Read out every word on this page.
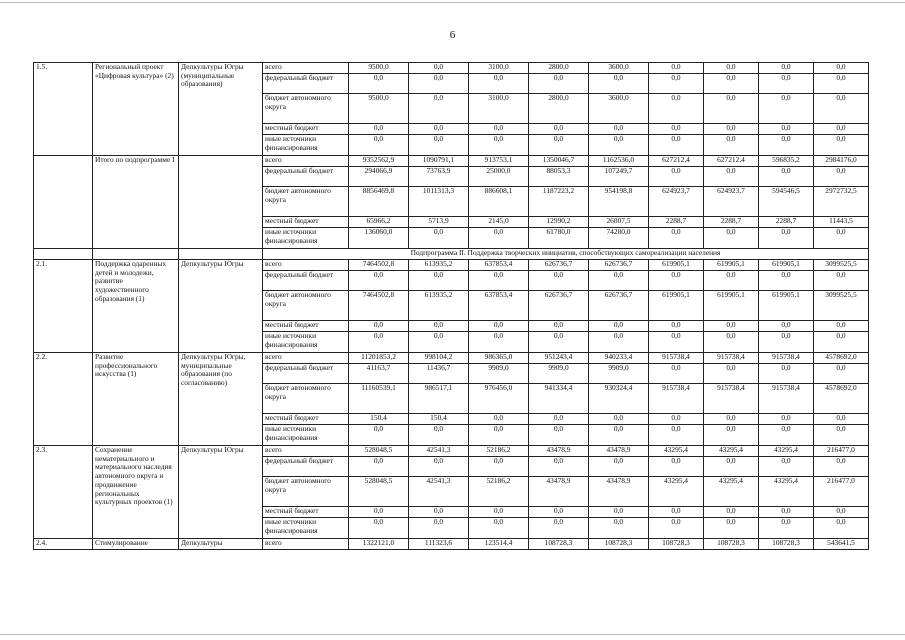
6
1.5.	Региональный проект «Цифровая культура» (2)	Депкультуры Югры (муниципальные образования)	всего	9500,0	0,0	3100,0	2800,0	3600,0	0,0	0,0	0,0	0,0
			федеральный бюджет	0,0	0,0	0,0	0,0	0,0	0,0	0,0	0,0	0,0
			бюджет автономного округа	9500,0	0,0	3100,0	2800,0	3600,0	0,0	0,0	0,0	0,0
			местный бюджет	0,0	0,0	0,0	0,0	0,0	0,0	0,0	0,0	0,0
			иные источники финансирования	0,0	0,0	0,0	0,0	0,0	0,0	0,0	0,0	0,0
	Итого по подпрограмме I		всего	9352562,9	1090791,1	913753,1	1350046,7	1162536,0	627212,4	627212,4	596835,2	2984176,0
			федеральный бюджет	294066,9	73763,9	25000,0	88053,3	107249,7	0,0	0,0	0,0	0,0
			бюджет автономного округа	8856469,8	1011313,3	886608,1	1187223,2	954198,8	624923,7	624923,7	594546,5	2972732,5
			местный бюджет	65966,2	5713,9	2145,0	12990,2	26807,5	2288,7	2288,7	2288,7	11443,5
			иные источники финансирования	136060,0	0,0	0,0	61780,0	74280,0	0,0	0,0	0,0	0,0
			Подпрограмма II. Поддержка творческих инициатив, способствующих самореализации населения									
2.1.	Поддержка одаренных детей и молодежи, развитие художественного образования (1)	Депкультуры Югры	всего	7464502,8	613935,2	637853,4	626736,7	626736,7	619905,1	619905,1	619905,1	3099525,5
			федеральный бюджет	0,0	0,0	0,0	0,0	0,0	0,0	0,0	0,0	0,0
			бюджет автономного округа	7464502,8	613935,2	637853,4	626736,7	626736,7	619905,1	619905,1	619905,1	3099525,5
			местный бюджет	0,0	0,0	0,0	0,0	0,0	0,0	0,0	0,0	0,0
			иные источники финансирования	0,0	0,0	0,0	0,0	0,0	0,0	0,0	0,0	0,0
2.2.	Развитие профессионального искусства (1)	Депкультуры Югры, муниципальные образования (по согласованию)	всего	11201853,2	998104,2	986365,0	951243,4	940233,4	915738,4	915738,4	915738,4	4578692,0
			федеральный бюджет	41163,7	11436,7	9909,0	9909,0	9909,0	0,0	0,0	0,0	0,0
			бюджет автономного округа	11160539,1	986517,1	976456,0	941334,4	930324,4	915738,4	915738,4	915738,4	4578692,0
			местный бюджет	150,4	150,4	0,0	0,0	0,0	0,0	0,0	0,0	0,0
			иные источники финансирования	0,0	0,0	0,0	0,0	0,0	0,0	0,0	0,0	0,0
2.3.	Сохранение нематериального и материального наследия автономного округа и продвижение региональных культурных проектов (1)	Депкультуры Югры	всего	528048,5	42541,3	52186,2	43478,9	43478,9	43295,4	43295,4	43295,4	216477,0
			федеральный бюджет	0,0	0,0	0,0	0,0	0,0	0,0	0,0	0,0	0,0
			бюджет автономного округа	528048,5	42541,3	52186,2	43478,9	43478,9	43295,4	43295,4	43295,4	216477,0
			местный бюджет	0,0	0,0	0,0	0,0	0,0	0,0	0,0	0,0	0,0
			иные источники финансирования	0,0	0,0	0,0	0,0	0,0	0,0	0,0	0,0	0,0
2.4.	Стимулирование	Депкультуры	всего	1322121,0	111323,6	123514,4	108728,3	108728,3	108728,3	108728,3	108728,3	543641,5
